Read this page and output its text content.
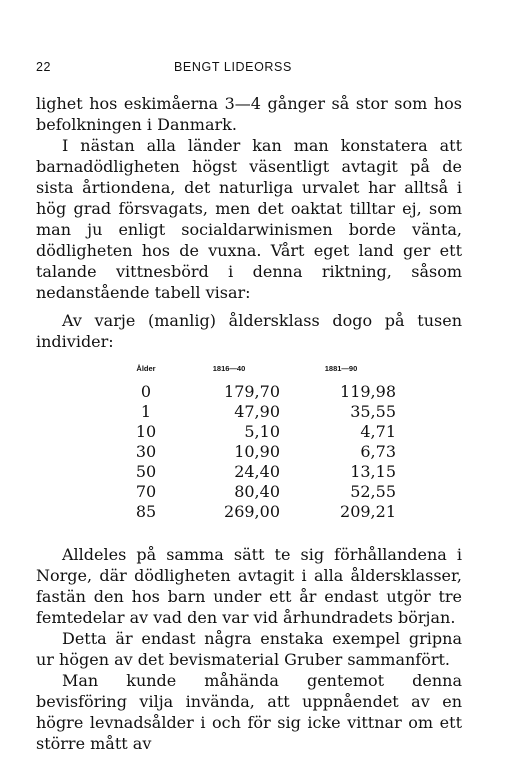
22	BENGT LIDEORSS

lighet hos eskimåerna 3—4 gånger så stor som hos befolkningen i Danmark.

I nästan alla länder kan man konstatera att barnadödligheten högst väsentligt avtagit på de sista årtiondena, det naturliga urvalet har alltså i hög grad försvagats, men det oaktat tilltar ej, som man ju enligt socialdarwinismen borde vänta, dödligheten hos de vuxna. Vårt eget land ger ett talande vittnesbörd i denna riktning, såsom nedanstående tabell visar:

Av varje (manlig) åldersklass dogo på tusen individer:

Ålder	1816—40	1881—90
0	179,70	119,98
1	47,90	35,55
10	5,10	4,71
30	10,90	6,73
50	24,40	13,15
70	80,40	52,55
85	269,00	209,21

Alldeles på samma sätt te sig förhållandena i Norge, där dödligheten avtagit i alla åldersklasser, fastän den hos barn under ett år endast utgör tre femtedelar av vad den var vid århundradets början.

Detta är endast några enstaka exempel gripna ur högen av det bevismaterial Gruber sammanfört.

Man kunde måhända gentemot denna bevisföring vilja invända, att uppnåendet av en högre levnadsålder i och för sig icke vittnar om ett större mått av
